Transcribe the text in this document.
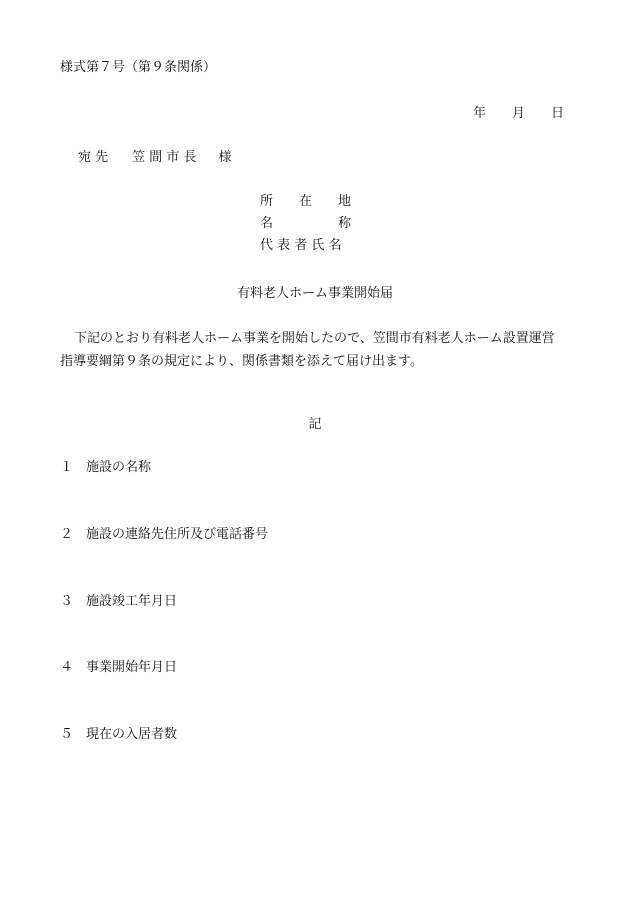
様式第７号（第９条関係）
年 月 日
宛 先 笠 間 市 長 様
所　　在　　地
名　　　　　称
代 表 者 氏 名
有料老人ホーム事業開始届
下記のとおり有料老人ホーム事業を開始したので、笠間市有料老人ホーム設置運営
指導要綱第９条の規定により、関係書類を添えて届け出ます。
記
１ 施設の名称
２ 施設の連絡先住所及び電話番号
３ 施設竣工年月日
４ 事業開始年月日
５ 現在の入居者数
